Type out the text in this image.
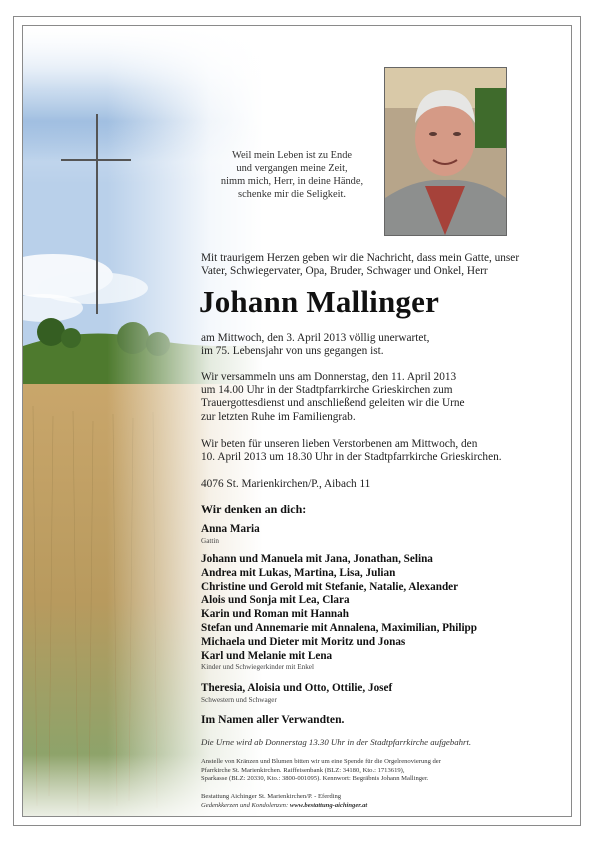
Weil mein Leben ist zu Ende
und vergangen meine Zeit,
nimm mich, Herr, in deine Hände,
schenke mir die Seligkeit.
Mit traurigem Herzen geben wir die Nachricht, dass mein Gatte, unser
Vater, Schwiegervater, Opa, Bruder, Schwager und Onkel, Herr
Johann Mallinger
am Mittwoch, den 3. April 2013 völlig unerwartet,
im 75. Lebensjahr von uns gegangen ist.
Wir versammeln uns am Donnerstag, den 11. April 2013
um 14.00 Uhr in der Stadtpfarrkirche Grieskirchen zum
Trauergottesdienst und anschließend geleiten wir die Urne
zur letzten Ruhe im Familiengrab.
Wir beten für unseren lieben Verstorbenen am Mittwoch, den
10. April 2013 um 18.30 Uhr in der Stadtpfarrkirche Grieskirchen.
4076 St. Marienkirchen/P., Aibach 11
Wir denken an dich:
Anna Maria
Gattin
Johann und Manuela mit Jana, Jonathan, Selina
Andrea mit Lukas, Martina, Lisa, Julian
Christine und Gerold mit Stefanie, Natalie, Alexander
Alois und Sonja mit Lea, Clara
Karin und Roman mit Hannah
Stefan und Annemarie mit Annalena, Maximilian, Philipp
Michaela und Dieter mit Moritz und Jonas
Karl und Melanie mit Lena
Kinder und Schwiegerkinder mit Enkel
Theresia, Aloisia und Otto, Ottilie, Josef
Schwestern und Schwager
Im Namen aller Verwandten.
Die Urne wird ab Donnerstag 13.30 Uhr in der Stadtpfarrkirche aufgebahrt.
Anstelle von Kränzen und Blumen bitten wir um eine Spende für die Orgelrenovierung der
Pfarrkirche St. Marienkirchen. Raiffeisenbank (BLZ: 34180, Kto.: 1713619),
Sparkasse (BLZ: 20330, Kto.: 3800-001095). Kennwort: Begräbnis Johann Mallinger.
Bestattung Aichinger St. Marienkirchen/P. - Eferding
Gedenkkerzen und Kondolenzen: www.bestattung-aichinger.at
